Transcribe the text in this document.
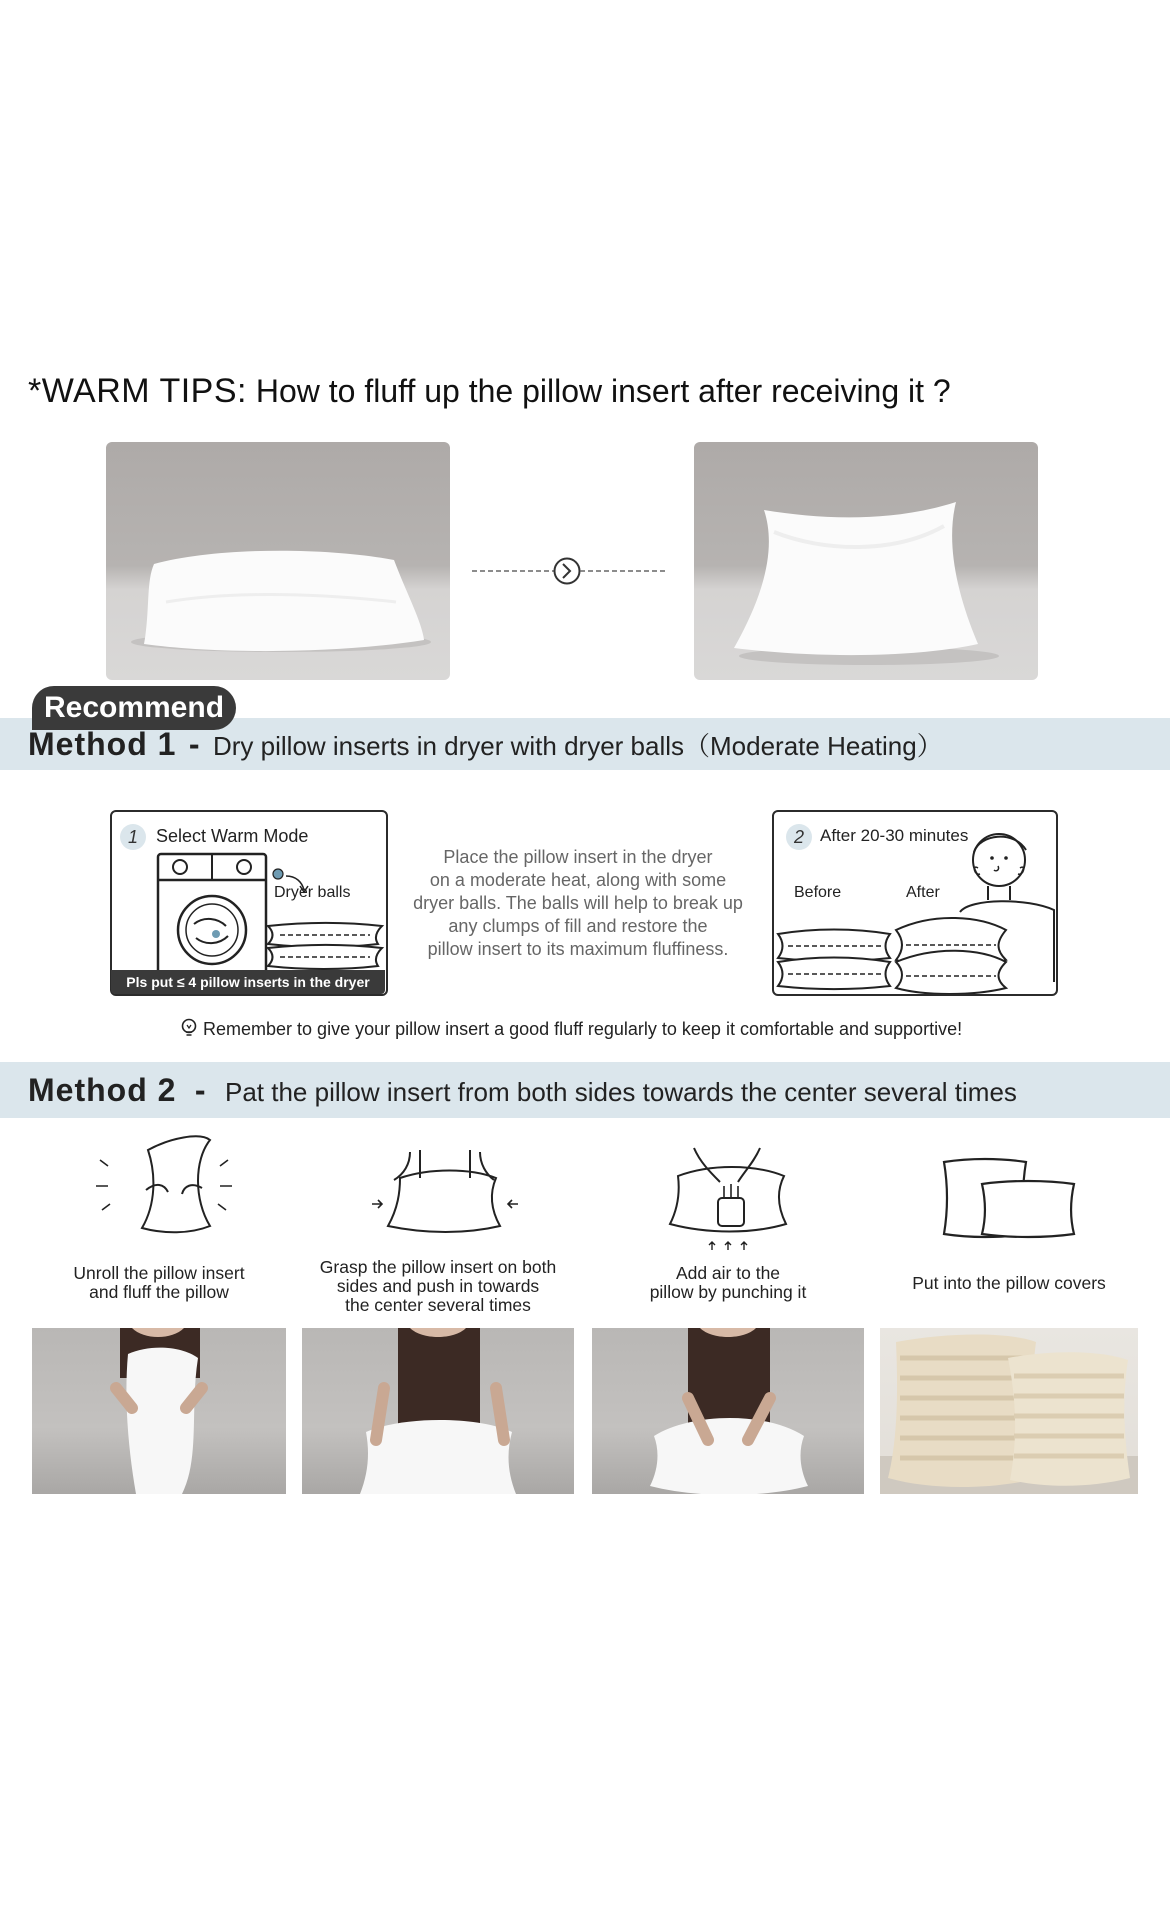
*WARM TIPS: How to fluff up the pillow insert after receiving it ?
Recommend
Method 1 - Dry pillow inserts in dryer with dryer balls（Moderate Heating）
1	Select Warm Mode
Dryer balls
Pls put ≤ 4 pillow inserts in the dryer
Place the pillow insert in the dryer
on a moderate heat, along with some
dryer balls. The balls will help to break up
any clumps of fill and restore the
pillow insert to its maximum fluffiness.
2 After 20-30 minutes
Before	After
Remember to give your pillow insert a good fluff regularly to keep it comfortable and supportive!
Method 2 - Pat the pillow insert from both sides towards the center several times
Unroll the pillow insert
and fluff the pillow
Grasp the pillow insert on both
sides and push in towards
the center several times
Add air to the
pillow by punching it	Put into the pillow covers
